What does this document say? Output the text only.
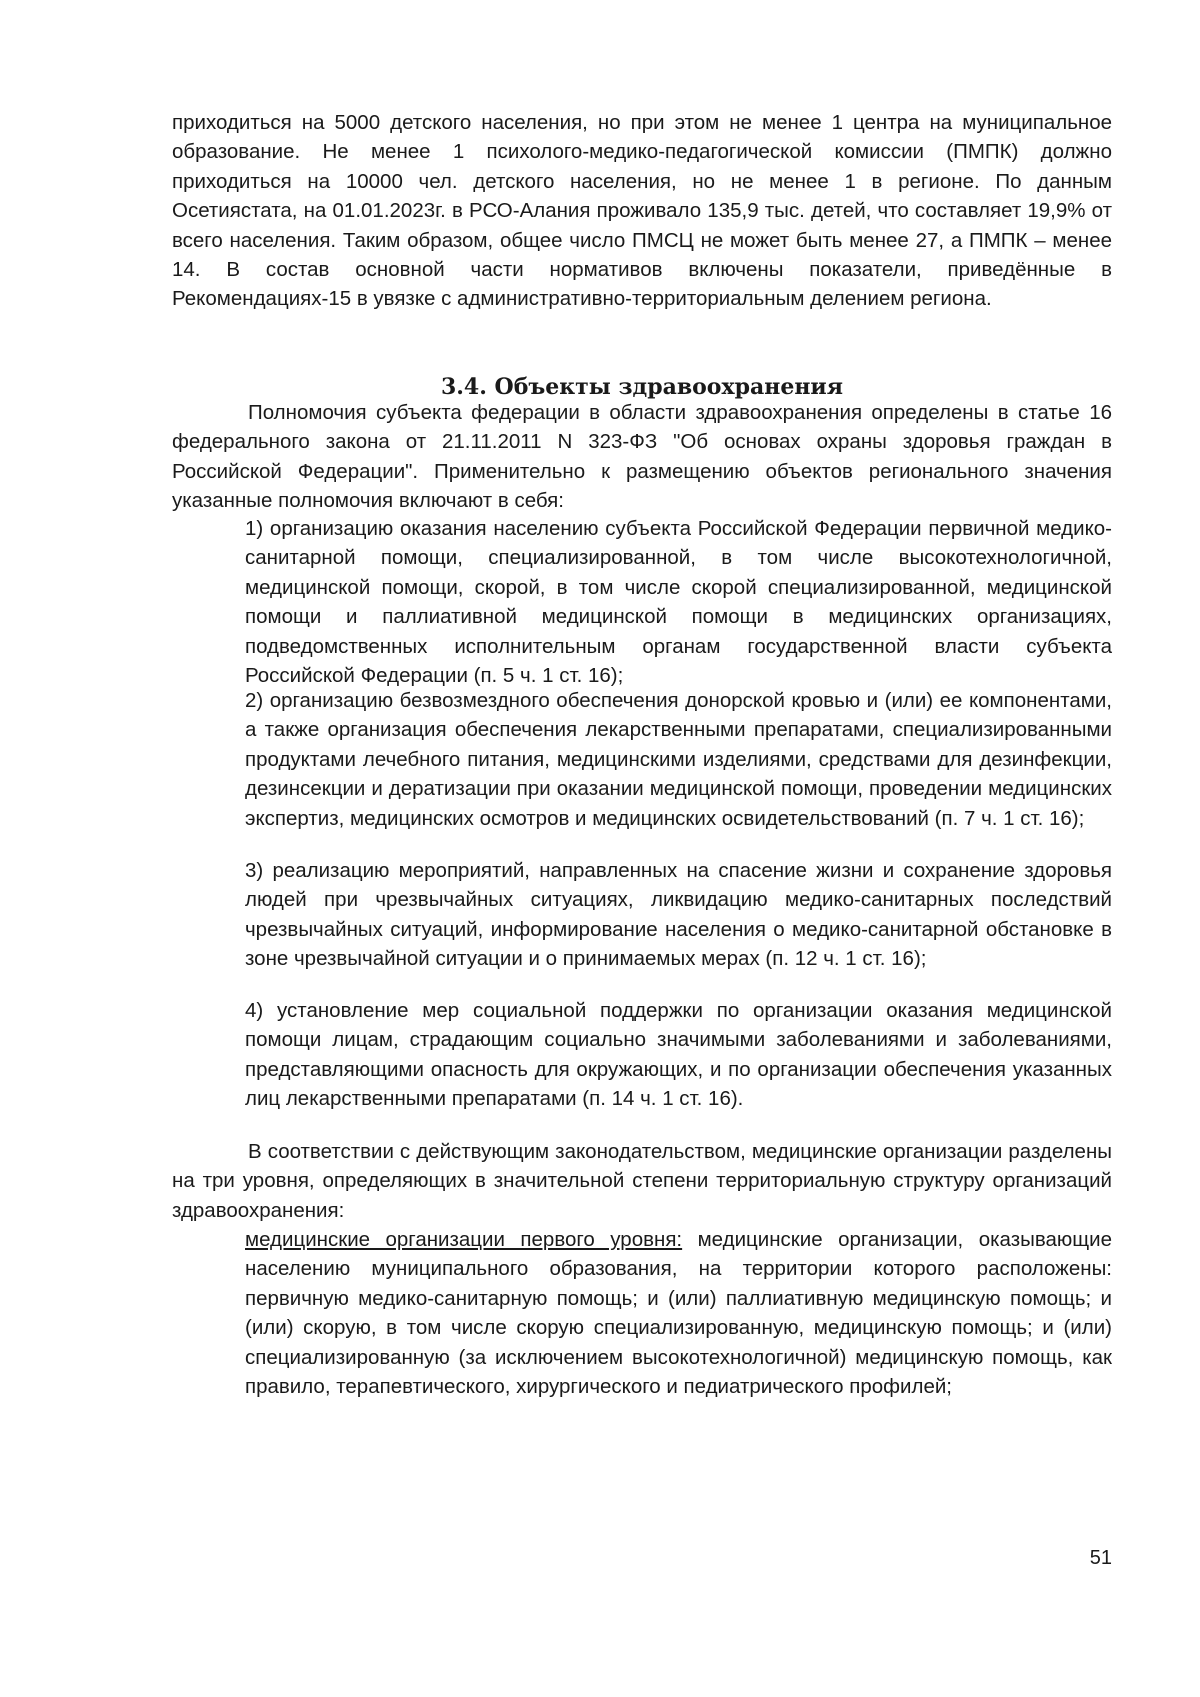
приходиться на 5000 детского населения, но при этом не менее 1 центра на муниципальное образование. Не менее 1 психолого-медико-педагогической комиссии (ПМПК) должно приходиться на 10000 чел. детского населения, но не менее 1 в регионе. По данным Осетиястата, на 01.01.2023г. в РСО-Алания проживало 135,9 тыс. детей, что составляет 19,9% от всего населения. Таким образом, общее число ПМСЦ не может быть менее 27, а ПМПК – менее 14. В состав основной части нормативов включены показатели, приведённые в Рекомендациях-15 в увязке с административно-территориальным делением региона.

3.4. Объекты здравоохранения

Полномочия субъекта федерации в области здравоохранения определены в статье 16 федерального закона от 21.11.2011 N 323-ФЗ "Об основах охраны здоровья граждан в Российской Федерации". Применительно к размещению объектов регионального значения указанные полномочия включают в себя:

1) организацию оказания населению субъекта Российской Федерации первичной медико-санитарной помощи, специализированной, в том числе высокотехнологичной, медицинской помощи, скорой, в том числе скорой специализированной, медицинской помощи и паллиативной медицинской помощи в медицинских организациях, подведомственных исполнительным органам государственной власти субъекта Российской Федерации (п. 5 ч. 1 ст. 16);

2) организацию безвозмездного обеспечения донорской кровью и (или) ее компонентами, а также организация обеспечения лекарственными препаратами, специализированными продуктами лечебного питания, медицинскими изделиями, средствами для дезинфекции, дезинсекции и дератизации при оказании медицинской помощи, проведении медицинских экспертиз, медицинских осмотров и медицинских освидетельствований (п. 7 ч. 1 ст. 16);

3) реализацию мероприятий, направленных на спасение жизни и сохранение здоровья людей при чрезвычайных ситуациях, ликвидацию медико-санитарных последствий чрезвычайных ситуаций, информирование населения о медико-санитарной обстановке в зоне чрезвычайной ситуации и о принимаемых мерах (п. 12 ч. 1 ст. 16);

4) установление мер социальной поддержки по организации оказания медицинской помощи лицам, страдающим социально значимыми заболеваниями и заболеваниями, представляющими опасность для окружающих, и по организации обеспечения указанных лиц лекарственными препаратами (п. 14 ч. 1 ст. 16).

В соответствии с действующим законодательством, медицинские организации разделены на три уровня, определяющих в значительной степени территориальную структуру организаций здравоохранения:

медицинские организации первого уровня: медицинские организации, оказывающие населению муниципального образования, на территории которого расположены: первичную медико-санитарную помощь; и (или) паллиативную медицинскую помощь; и (или) скорую, в том числе скорую специализированную, медицинскую помощь; и (или) специализированную (за исключением высокотехнологичной) медицинскую помощь, как правило, терапевтического, хирургического и педиатрического профилей;

51
